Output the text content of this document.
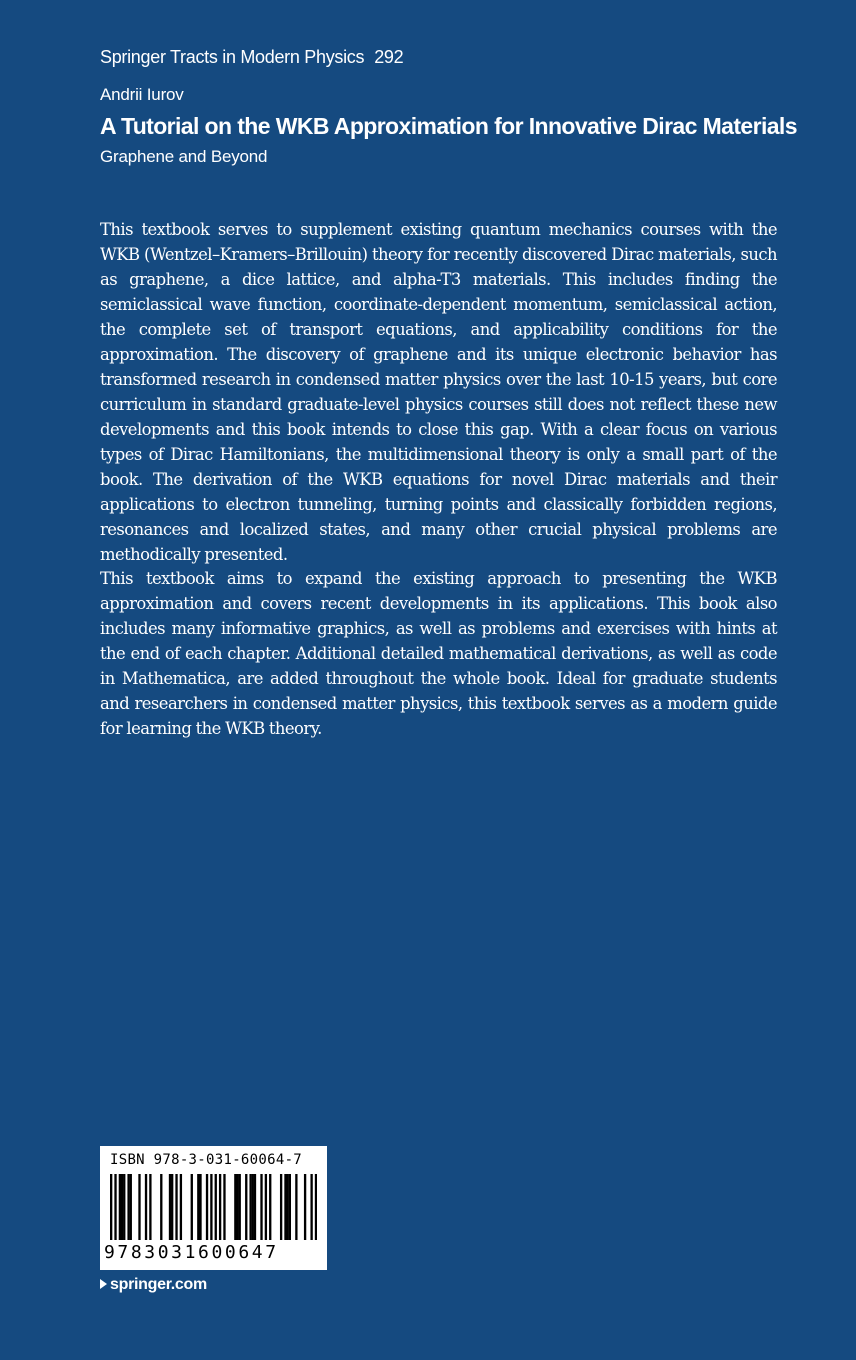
Springer Tracts in Modern Physics 292
Andrii Iurov
A Tutorial on the WKB Approximation for Innovative Dirac Materials
Graphene and Beyond

This textbook serves to supplement existing quantum mechanics courses with the WKB (Wentzel–Kramers–Brillouin) theory for recently discovered Dirac materials, such as graphene, a dice lattice, and alpha-T3 materials. This includes finding the semiclassical wave function, coordinate-dependent momentum, semiclassical action, the complete set of transport equations, and applicability conditions for the approximation. The discovery of graphene and its unique electronic behavior has transformed research in condensed matter physics over the last 10-15 years, but core curriculum in standard graduate-level physics courses still does not reflect these new developments and this book intends to close this gap. With a clear focus on various types of Dirac Hamiltonians, the multidimensional theory is only a small part of the book. The derivation of the WKB equations for novel Dirac materials and their applications to electron tunneling, turning points and classically forbidden regions, resonances and localized states, and many other crucial physical problems are methodically presented.

This textbook aims to expand the existing approach to presenting the WKB approximation and covers recent developments in its applications. This book also includes many informative graphics, as well as problems and exercises with hints at the end of each chapter. Additional detailed mathematical derivations, as well as code in Mathematica, are added throughout the whole book. Ideal for graduate students and researchers in condensed matter physics, this textbook serves as a modern guide for learning the WKB theory.

ISBN 978-3-031-60064-7
9783031600647
springer.com
